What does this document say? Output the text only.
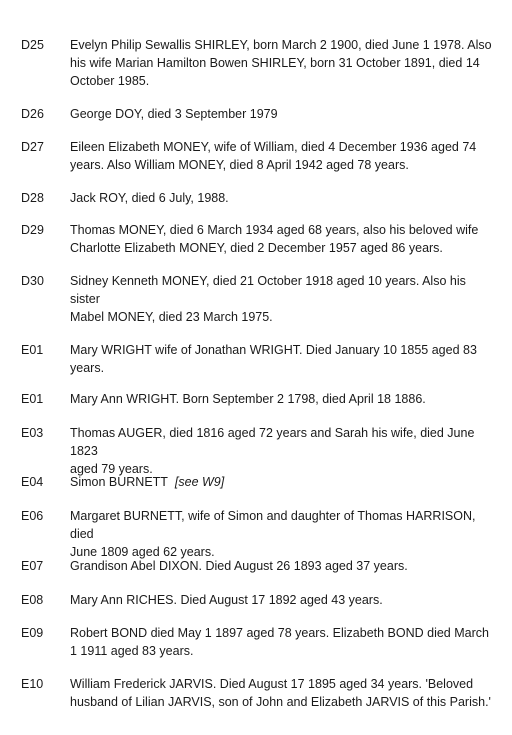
D25 Evelyn Philip Sewallis SHIRLEY, born March 2 1900, died June 1 1978. Also
his wife Marian Hamilton Bowen SHIRLEY, born 31 October 1891, died 14
October 1985.
D26 George DOY, died 3 September 1979
D27 Eileen Elizabeth MONEY, wife of William, died 4 December 1936 aged 74
years. Also William MONEY, died 8 April 1942 aged 78 years.
D28 Jack ROY, died 6 July, 1988.
D29 Thomas MONEY, died 6 March 1934 aged 68 years, also his beloved wife
Charlotte Elizabeth MONEY, died 2 December 1957 aged 86 years.
D30 Sidney Kenneth MONEY, died 21 October 1918 aged 10 years. Also his sister
Mabel MONEY, died 23 March 1975.
E01 Mary WRIGHT wife of Jonathan WRIGHT. Died January 10 1855 aged 83
years.
E01 Mary Ann WRIGHT. Born September 2 1798, died April 18 1886.
E03 Thomas AUGER, died 1816 aged 72 years and Sarah his wife, died June 1823
aged 79 years.
E04 Simon BURNETT [see W9]
E06 Margaret BURNETT, wife of Simon and daughter of Thomas HARRISON, died
June 1809 aged 62 years.
E07 Grandison Abel DIXON. Died August 26 1893 aged 37 years.
E08 Mary Ann RICHES. Died August 17 1892 aged 43 years.
E09 Robert BOND died May 1 1897 aged 78 years. Elizabeth BOND died March
1 1911 aged 83 years.
E10 William Frederick JARVIS. Died August 17 1895 aged 34 years. 'Beloved
husband of Lilian JARVIS, son of John and Elizabeth JARVIS of this Parish.'
